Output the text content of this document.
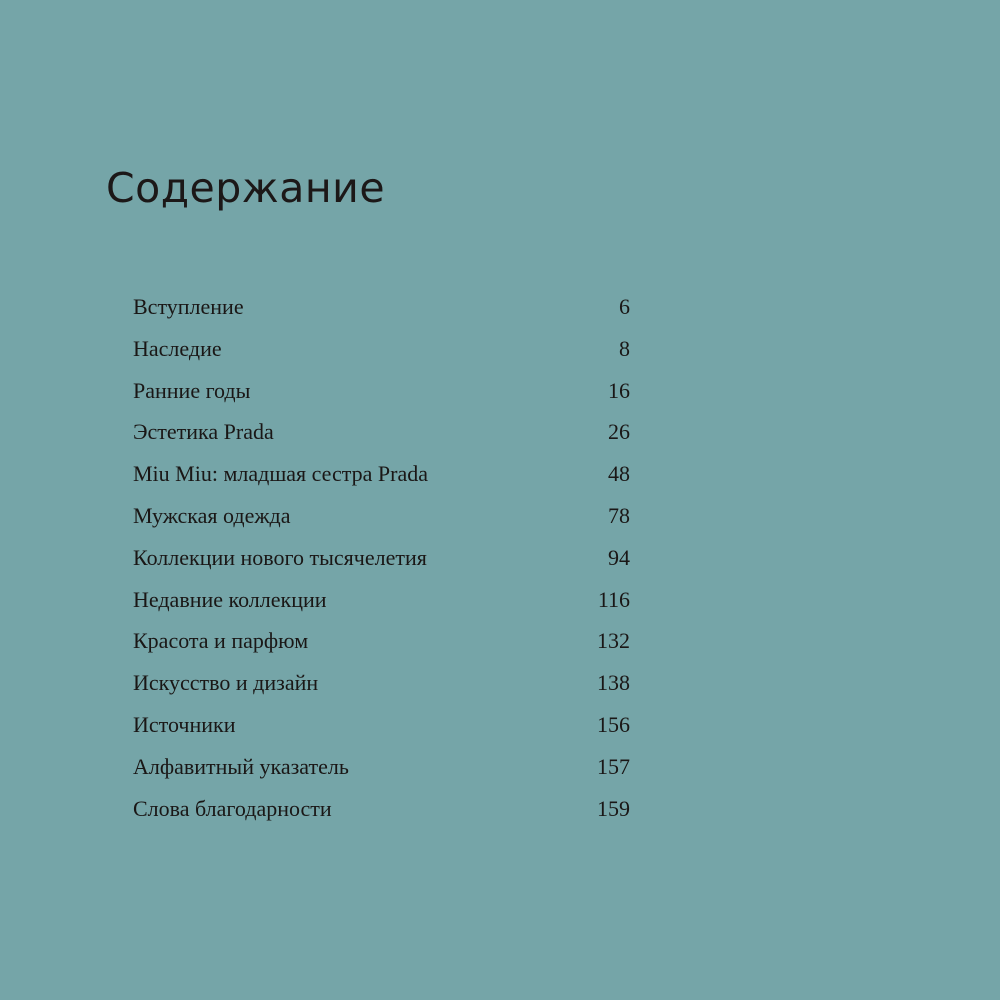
Содержание
Вступление	6
Наследие	8
Ранние годы	16
Эстетика Prada	26
Miu Miu: младшая сестра Prada	48
Мужская одежда	78
Коллекции нового тысячелетия	94
Недавние коллекции	116
Красота и парфюм	132
Искусство и дизайн	138
Источники	156
Алфавитный указатель	157
Слова благодарности	159
